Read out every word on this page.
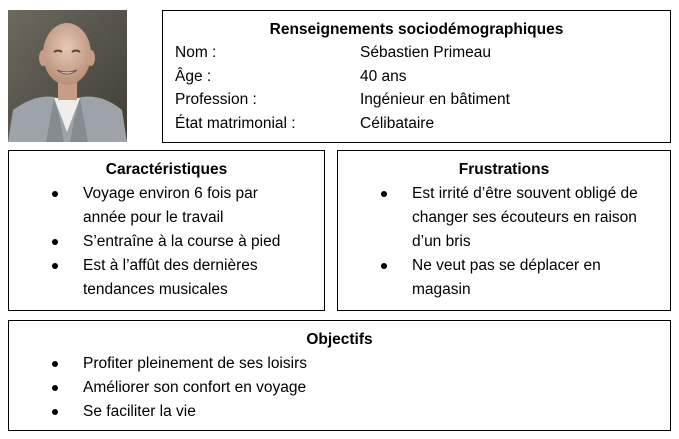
Renseignements sociodémographiques
Nom :	Sébastien Primeau
Âge :	40 ans
Profession :	Ingénieur en bâtiment
État matrimonial :	Célibataire
Caractéristiques
Voyage environ 6 fois par année pour le travail
S’entraîne à la course à pied
Est à l’affût des dernières tendances musicales
Frustrations
Est irrité d’être souvent obligé de changer ses écouteurs en raison d’un bris
Ne veut pas se déplacer en magasin
Objectifs
Profiter pleinement de ses loisirs
Améliorer son confort en voyage
Se faciliter la vie
